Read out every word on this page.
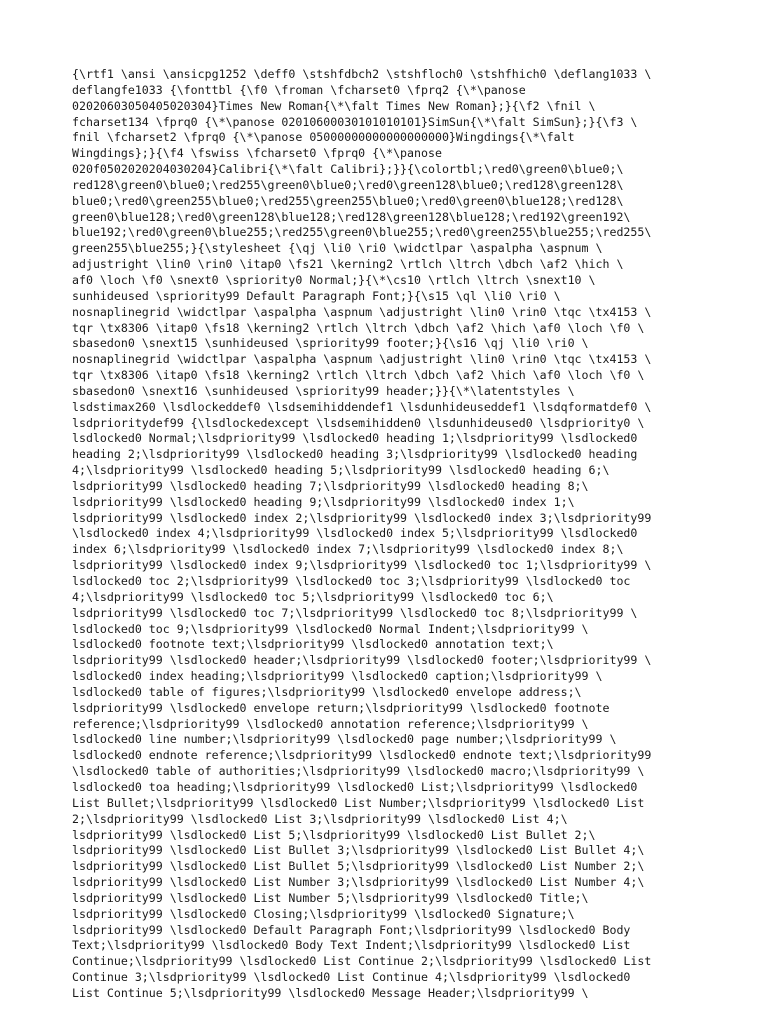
{\rtf1 \ansi \ansicpg1252 \deff0 \stshfdbch2 \stshfloch0 \stshfhich0 \deflang1033 \
deflangfe1033 {\fonttbl {\f0 \froman \fcharset0 \fprq2 {\*\panose
02020603050405020304}Times New Roman{\*\falt Times New Roman};}{\f2 \fnil \
fcharset134 \fprq0 {\*\panose 02010600030101010101}SimSun{\*\falt SimSun};}{\f3 \
fnil \fcharset2 \fprq0 {\*\panose 05000000000000000000}Wingdings{\*\falt
Wingdings};}{\f4 \fswiss \fcharset0 \fprq0 {\*\panose
020f0502020204030204}Calibri{\*\falt Calibri};}}{\colortbl;\red0\green0\blue0;\
red128\green0\blue0;\red255\green0\blue0;\red0\green128\blue0;\red128\green128\
blue0;\red0\green255\blue0;\red255\green255\blue0;\red0\green0\blue128;\red128\
green0\blue128;\red0\green128\blue128;\red128\green128\blue128;\red192\green192\
blue192;\red0\green0\blue255;\red255\green0\blue255;\red0\green255\blue255;\red255\
green255\blue255;}{\stylesheet {\qj \li0 \ri0 \widctlpar \aspalpha \aspnum \
adjustright \lin0 \rin0 \itap0 \fs21 \kerning2 \rtlch \ltrch \dbch \af2 \hich \
af0 \loch \f0 \snext0 \spriority0 Normal;}{\*\cs10 \rtlch \ltrch \snext10 \
sunhideused \spriority99 Default Paragraph Font;}{\s15 \ql \li0 \ri0 \
nosnaplinegrid \widctlpar \aspalpha \aspnum \adjustright \lin0 \rin0 \tqc \tx4153 \
tqr \tx8306 \itap0 \fs18 \kerning2 \rtlch \ltrch \dbch \af2 \hich \af0 \loch \f0 \
sbasedon0 \snext15 \sunhideused \spriority99 footer;}{\s16 \qj \li0 \ri0 \
nosnaplinegrid \widctlpar \aspalpha \aspnum \adjustright \lin0 \rin0 \tqc \tx4153 \
tqr \tx8306 \itap0 \fs18 \kerning2 \rtlch \ltrch \dbch \af2 \hich \af0 \loch \f0 \
sbasedon0 \snext16 \sunhideused \spriority99 header;}}{\*\latentstyles \
lsdstimax260 \lsdlockeddef0 \lsdsemihiddendef1 \lsdunhideuseddef1 \lsdqformatdef0 \
lsdprioritydef99 {\lsdlockedexcept \lsdsemihidden0 \lsdunhideused0 \lsdpriority0 \
lsdlocked0 Normal;\lsdpriority99 \lsdlocked0 heading 1;\lsdpriority99 \lsdlocked0
heading 2;\lsdpriority99 \lsdlocked0 heading 3;\lsdpriority99 \lsdlocked0 heading
4;\lsdpriority99 \lsdlocked0 heading 5;\lsdpriority99 \lsdlocked0 heading 6;\
lsdpriority99 \lsdlocked0 heading 7;\lsdpriority99 \lsdlocked0 heading 8;\
lsdpriority99 \lsdlocked0 heading 9;\lsdpriority99 \lsdlocked0 index 1;\
lsdpriority99 \lsdlocked0 index 2;\lsdpriority99 \lsdlocked0 index 3;\lsdpriority99
\lsdlocked0 index 4;\lsdpriority99 \lsdlocked0 index 5;\lsdpriority99 \lsdlocked0
index 6;\lsdpriority99 \lsdlocked0 index 7;\lsdpriority99 \lsdlocked0 index 8;\
lsdpriority99 \lsdlocked0 index 9;\lsdpriority99 \lsdlocked0 toc 1;\lsdpriority99 \
lsdlocked0 toc 2;\lsdpriority99 \lsdlocked0 toc 3;\lsdpriority99 \lsdlocked0 toc
4;\lsdpriority99 \lsdlocked0 toc 5;\lsdpriority99 \lsdlocked0 toc 6;\
lsdpriority99 \lsdlocked0 toc 7;\lsdpriority99 \lsdlocked0 toc 8;\lsdpriority99 \
lsdlocked0 toc 9;\lsdpriority99 \lsdlocked0 Normal Indent;\lsdpriority99 \
lsdlocked0 footnote text;\lsdpriority99 \lsdlocked0 annotation text;\
lsdpriority99 \lsdlocked0 header;\lsdpriority99 \lsdlocked0 footer;\lsdpriority99 \
lsdlocked0 index heading;\lsdpriority99 \lsdlocked0 caption;\lsdpriority99 \
lsdlocked0 table of figures;\lsdpriority99 \lsdlocked0 envelope address;\
lsdpriority99 \lsdlocked0 envelope return;\lsdpriority99 \lsdlocked0 footnote
reference;\lsdpriority99 \lsdlocked0 annotation reference;\lsdpriority99 \
lsdlocked0 line number;\lsdpriority99 \lsdlocked0 page number;\lsdpriority99 \
lsdlocked0 endnote reference;\lsdpriority99 \lsdlocked0 endnote text;\lsdpriority99
\lsdlocked0 table of authorities;\lsdpriority99 \lsdlocked0 macro;\lsdpriority99 \
lsdlocked0 toa heading;\lsdpriority99 \lsdlocked0 List;\lsdpriority99 \lsdlocked0
List Bullet;\lsdpriority99 \lsdlocked0 List Number;\lsdpriority99 \lsdlocked0 List
2;\lsdpriority99 \lsdlocked0 List 3;\lsdpriority99 \lsdlocked0 List 4;\
lsdpriority99 \lsdlocked0 List 5;\lsdpriority99 \lsdlocked0 List Bullet 2;\
lsdpriority99 \lsdlocked0 List Bullet 3;\lsdpriority99 \lsdlocked0 List Bullet 4;\
lsdpriority99 \lsdlocked0 List Bullet 5;\lsdpriority99 \lsdlocked0 List Number 2;\
lsdpriority99 \lsdlocked0 List Number 3;\lsdpriority99 \lsdlocked0 List Number 4;\
lsdpriority99 \lsdlocked0 List Number 5;\lsdpriority99 \lsdlocked0 Title;\
lsdpriority99 \lsdlocked0 Closing;\lsdpriority99 \lsdlocked0 Signature;\
lsdpriority99 \lsdlocked0 Default Paragraph Font;\lsdpriority99 \lsdlocked0 Body
Text;\lsdpriority99 \lsdlocked0 Body Text Indent;\lsdpriority99 \lsdlocked0 List
Continue;\lsdpriority99 \lsdlocked0 List Continue 2;\lsdpriority99 \lsdlocked0 List
Continue 3;\lsdpriority99 \lsdlocked0 List Continue 4;\lsdpriority99 \lsdlocked0
List Continue 5;\lsdpriority99 \lsdlocked0 Message Header;\lsdpriority99 \
